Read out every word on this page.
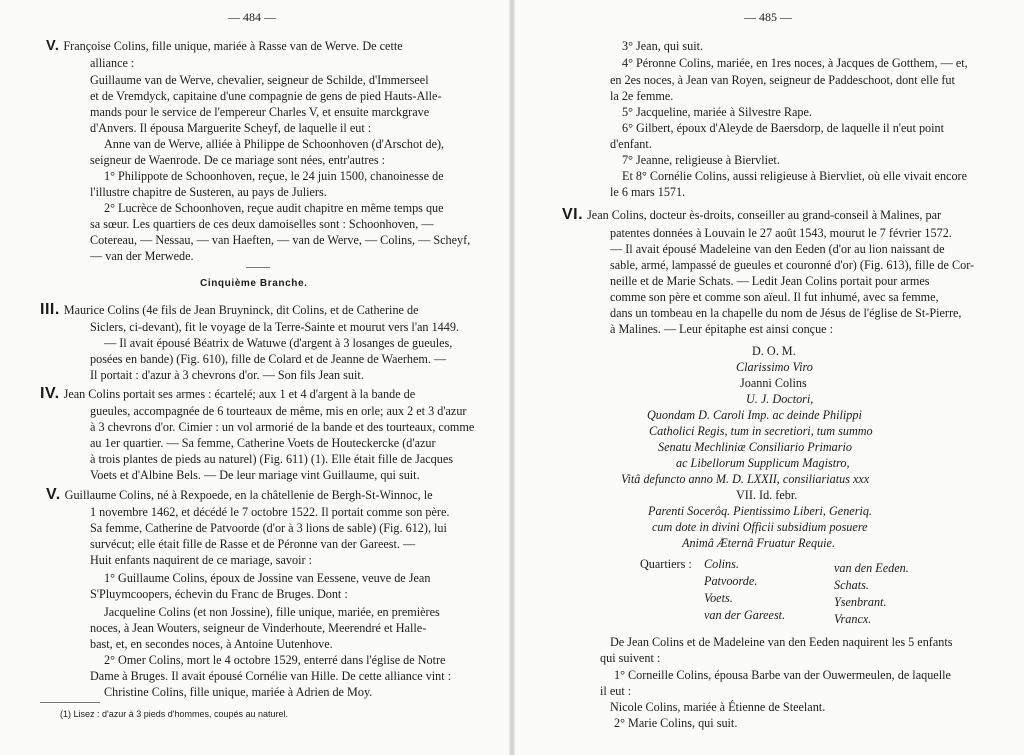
— 484 —
V. Françoise Colins, fille unique, mariée à Rasse van de Werve. De cette
alliance :
Guillaume van de Werve, chevalier, seigneur de Schilde, d'Immerseel
et de Vremdyck, capitaine d'une compagnie de gens de pied Hauts-Alle-
mands pour le service de l'empereur Charles V, et ensuite marckgrave
d'Anvers. Il épousa Marguerite Scheyf, de laquelle il eut :
Anne van de Werve, alliée à Philippe de Schoonhoven (d'Arschot de),
seigneur de Waenrode. De ce mariage sont nées, entr'autres :
1° Philippote de Schoonhoven, reçue, le 24 juin 1500, chanoinesse de
l'illustre chapitre de Susteren, au pays de Juliers.
2° Lucrèce de Schoonhoven, reçue audit chapitre en même temps que
sa sœur. Les quartiers de ces deux damoiselles sont : Schoonhoven, —
Cotereau, — Nessau, — van Haeften, — van de Werve, — Colins, — Scheyf,
— van der Merwede.
Cinquième Branche.
III. Maurice Colins (4e fils de Jean Bruyninck, dit Colins, et de Catherine de
Siclers, ci-devant), fit le voyage de la Terre-Sainte et mourut vers l'an 1449.
— Il avait épousé Béatrix de Watuwe (d'argent à 3 losanges de gueules,
posées en bande) (Fig. 610), fille de Colard et de Jeanne de Waerhem. —
Il portait : d'azur à 3 chevrons d'or. — Son fils Jean suit.
IV. Jean Colins portait ses armes : écartelé; aux 1 et 4 d'argent à la bande de
gueules, accompagnée de 6 tourteaux de même, mis en orle; aux 2 et 3 d'azur
à 3 chevrons d'or. Cimier : un vol armorié de la bande et des tourteaux, comme
au 1er quartier. — Sa femme, Catherine Voets de Houteckercke (d'azur
à trois plantes de pieds au naturel) (Fig. 611) (1). Elle était fille de Jacques
Voets et d'Albine Bels. — De leur mariage vint Guillaume, qui suit.
V. Guillaume Colins, né à Rexpoede, en la châtellenie de Bergh-St-Winnoc, le
1 novembre 1462, et décédé le 7 octobre 1522. Il portait comme son père.
Sa femme, Catherine de Patvoorde (d'or à 3 lions de sable) (Fig. 612), lui
survécut; elle était fille de Rasse et de Péronne van der Gareest. —
Huit enfants naquirent de ce mariage, savoir :
1° Guillaume Colins, époux de Jossine van Eessene, veuve de Jean
S'Pluymcoopers, échevin du Franc de Bruges. Dont :
Jacqueline Colins (et non Jossine), fille unique, mariée, en premières
noces, à Jean Wouters, seigneur de Vinderhoute, Meerendré et Halle-
bast, et, en secondes noces, à Antoine Uutenhove.
2° Omer Colins, mort le 4 octobre 1529, enterré dans l'église de Notre
Dame à Bruges. Il avait épousé Cornélie van Hille. De cette alliance vint :
Christine Colins, fille unique, mariée à Adrien de Moy.
(1) Lisez : d'azur à 3 pieds d'hommes, coupés au naturel.
— 485 —
3° Jean, qui suit.
4° Péronne Colins, mariée, en 1res noces, à Jacques de Gotthem, — et,
en 2es noces, à Jean van Royen, seigneur de Paddeschoot, dont elle fut
la 2e femme.
5° Jacqueline, mariée à Silvestre Rape.
6° Gilbert, époux d'Aleyde de Baersdorp, de laquelle il n'eut point
d'enfant.
7° Jeanne, religieuse à Biervliet.
Et 8° Cornélie Colins, aussi religieuse à Biervliet, où elle vivait encore
le 6 mars 1571.
VI. Jean Colins, docteur ès-droits, conseiller au grand-conseil à Malines, par
patentes données à Louvain le 27 août 1543, mourut le 7 février 1572.
— Il avait épousé Madeleine van den Eeden (d'or au lion naissant de
sable, armé, lampassé de gueules et couronné d'or) (Fig. 613), fille de Cor-
neille et de Marie Schats. — Ledit Jean Colins portait pour armes
comme son père et comme son aïeul. Il fut inhumé, avec sa femme,
dans un tombeau en la chapelle du nom de Jésus de l'église de St-Pierre,
à Malines. — Leur épitaphe est ainsi conçue :
D. O. M.
Clarissimo Viro
Joanni Colins
U. J. Doctori,
Quondam D. Caroli Imp. ac deinde Philippi
Catholici Regis, tum in secretiori, tum summo
Senatu Mechliniæ Consiliario Primario
ac Libellorum Supplicum Magistro,
Vitâ defuncto anno M. D. LXXII, consiliariatus xxx
VII. Id. febr.
Parenti Socerôq. Pientissimo Liberi, Generiq.
cum dote in divini Officii subsidium posuere
Animâ Æternâ Fruatur Requie.
Quartiers : Colins.
Patvoorde.
Voets.
van der Gareest.
van den Eeden.
Schats.
Ysenbrant.
Vrancx.
De Jean Colins et de Madeleine van den Eeden naquirent les 5 enfants
qui suivent :
1° Corneille Colins, épousa Barbe van der Ouwermeulen, de laquelle
il eut :
Nicole Colins, mariée à Étienne de Steelant.
2° Marie Colins, qui suit.
